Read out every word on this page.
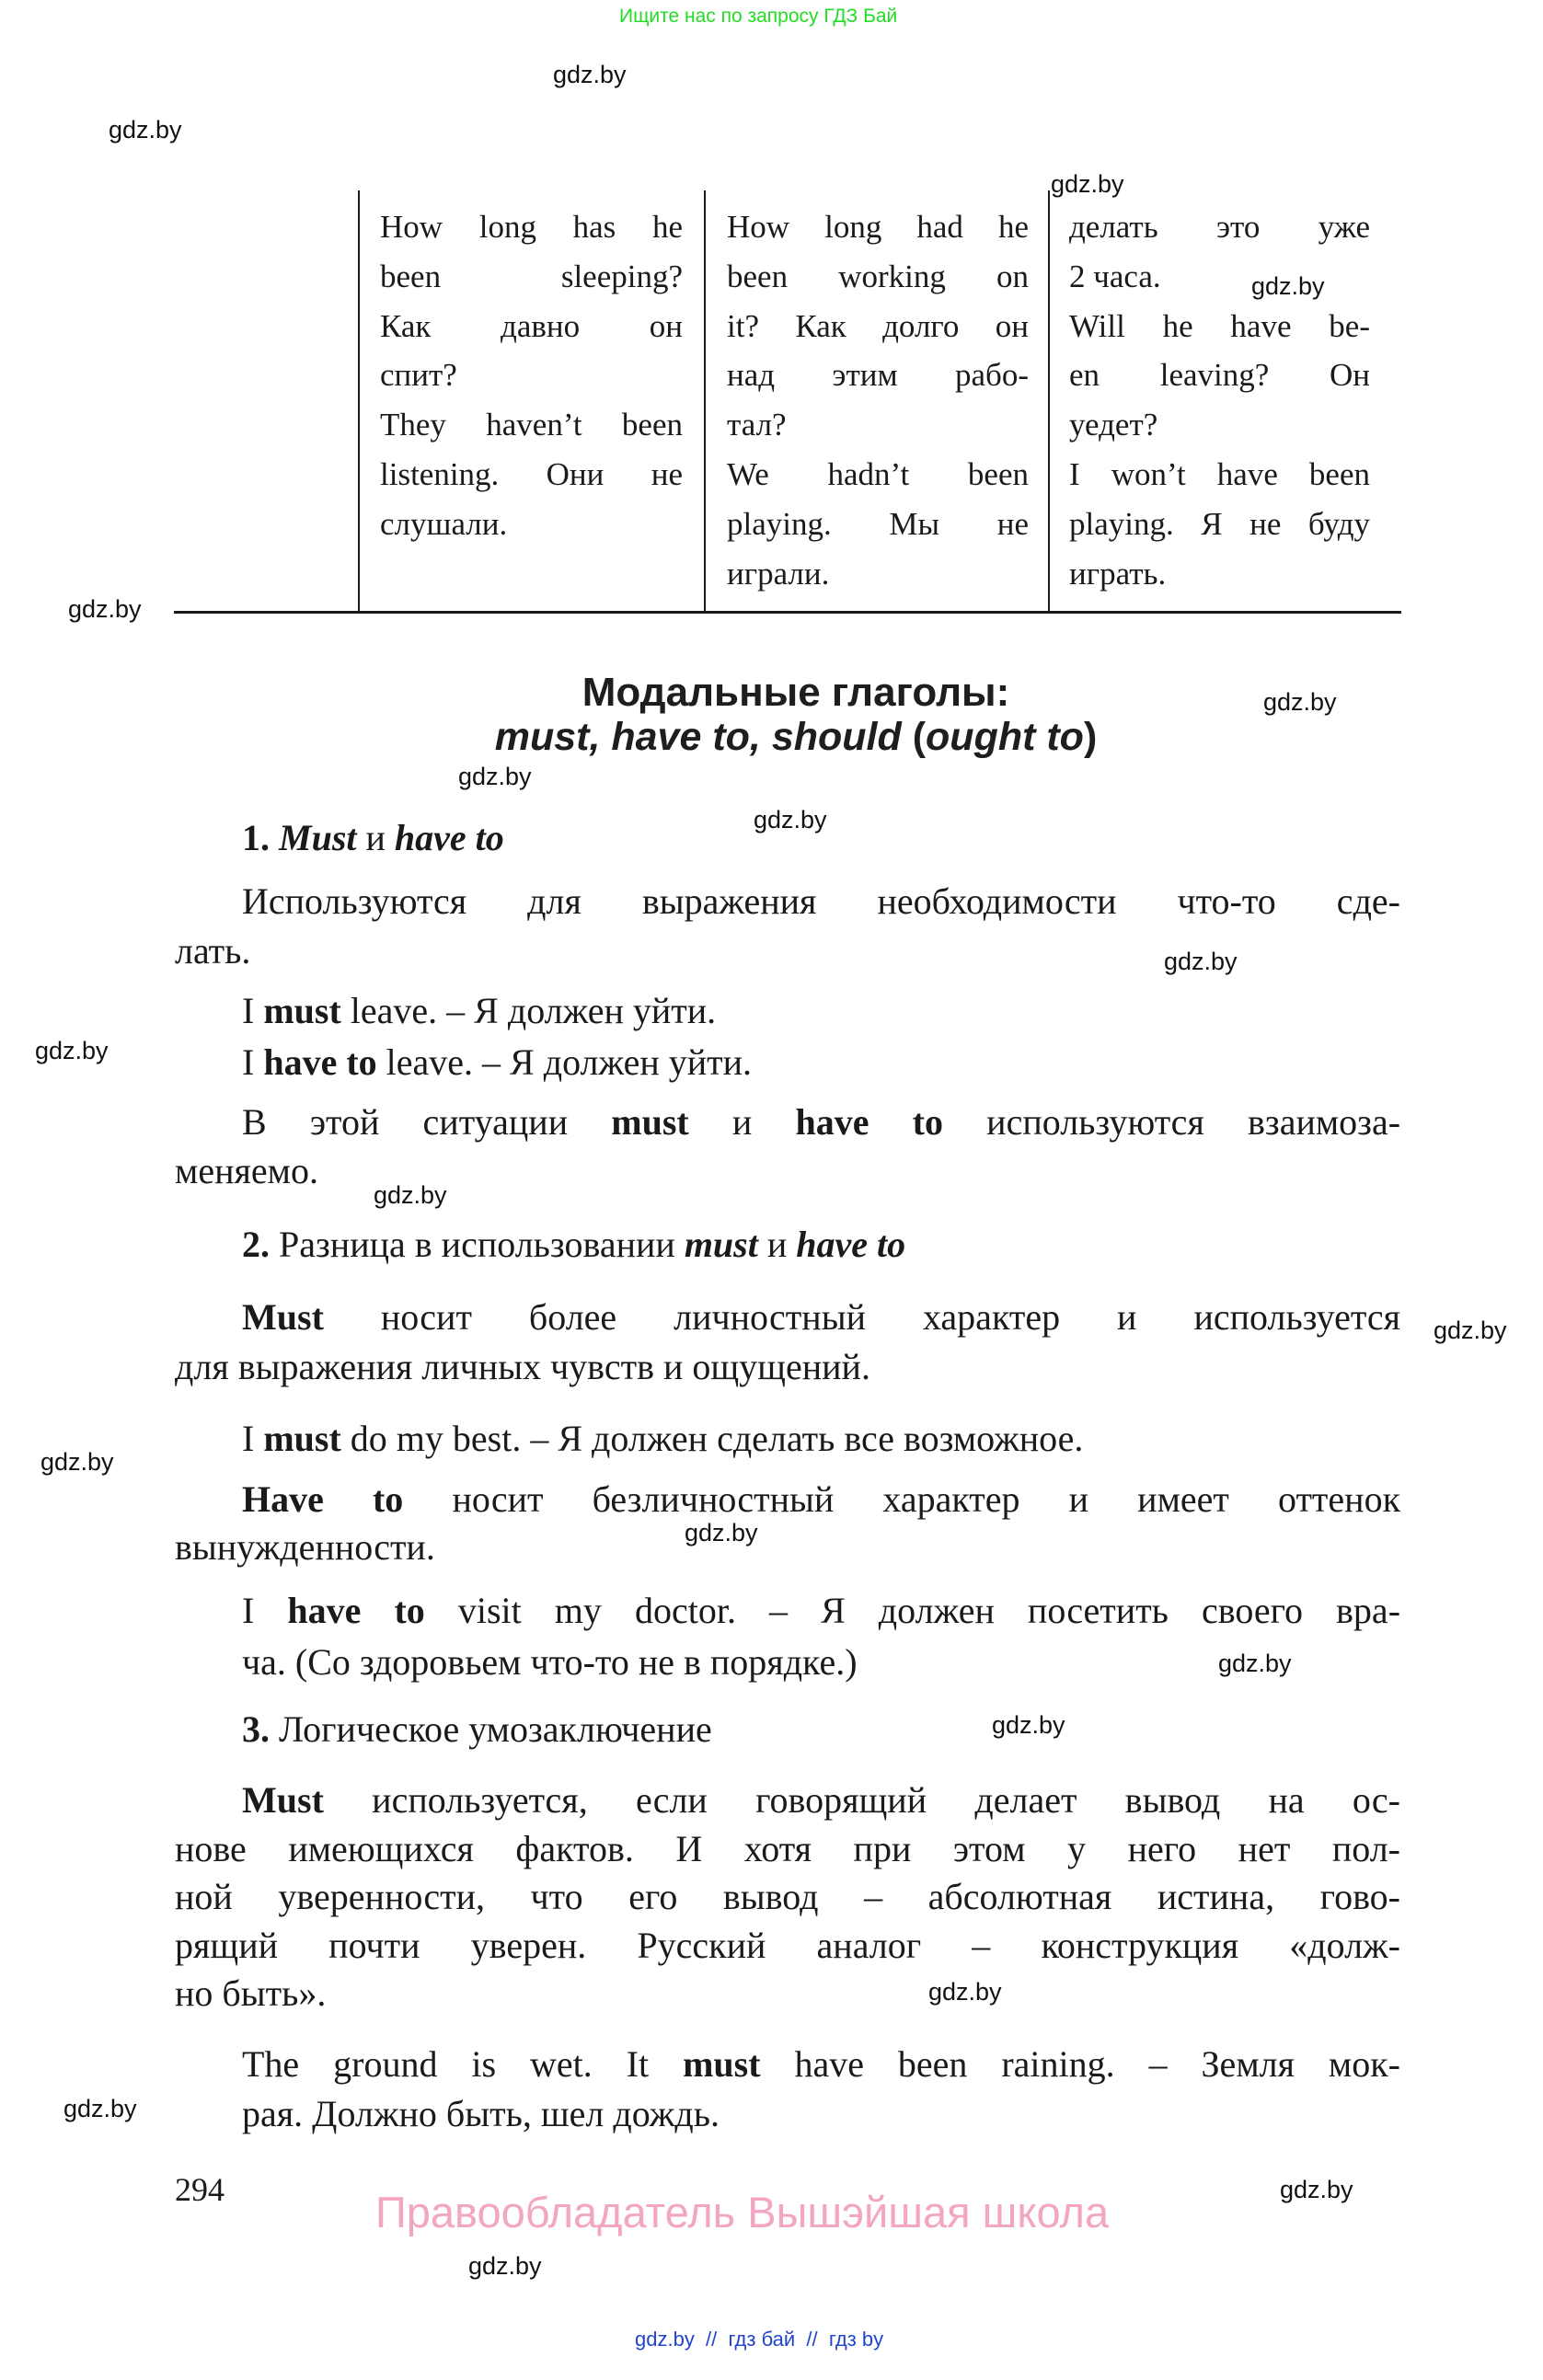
Ищите нас по запросу ГДЗ Бай
gdz.by
gdz.by
gdz.by
gdz.by
gdz.by
gdz.by
gdz.by
gdz.by
gdz.by
gdz.by
gdz.by
gdz.by
gdz.by
gdz.by
gdz.by
gdz.by
gdz.by
gdz.by
gdz.by
gdz.by
How long has he
been sleeping?
Как давно он
спит?
They haven’t been
listening. Они не
слушали.
How long had he
been working on
it? Как долго он
над этим рабо-
тал?
We hadn’t been
playing. Мы не
играли.
делать это уже
2 часа.
Will he have be-
en leaving? Он
уедет?
I won’t have been
playing. Я не буду
играть.
Модальные глаголы:
must, have to, should (ought to)
1. Must и have to
Используются для выражения необходимости что-то сде-
лать.
I must leave. – Я должен уйти.
I have to leave. – Я должен уйти.
В этой ситуации must и have to используются взаимоза-
меняемо.
2. Разница в использовании must и have to
Must носит более личностный характер и используется
для выражения личных чувств и ощущений.
I must do my best. – Я должен сделать все возможное.
Have to носит безличностный характер и имеет оттенок
вынужденности.
I have to visit my doctor. – Я должен посетить своего вра-
ча. (Со здоровьем что-то не в порядке.)
3. Логическое умозаключение
Must используется, если говорящий делает вывод на ос-
нове имеющихся фактов. И хотя при этом у него нет пол-
ной уверенности, что его вывод – абсолютная истина, гово-
рящий почти уверен. Русский аналог – конструкция «долж-
но быть».
The ground is wet. It must have been raining. – Земля мок-
рая. Должно быть, шел дождь.
294	Правообладатель Вышэйшая школа
gdz.by  //  гдз бай  //  гдз by
